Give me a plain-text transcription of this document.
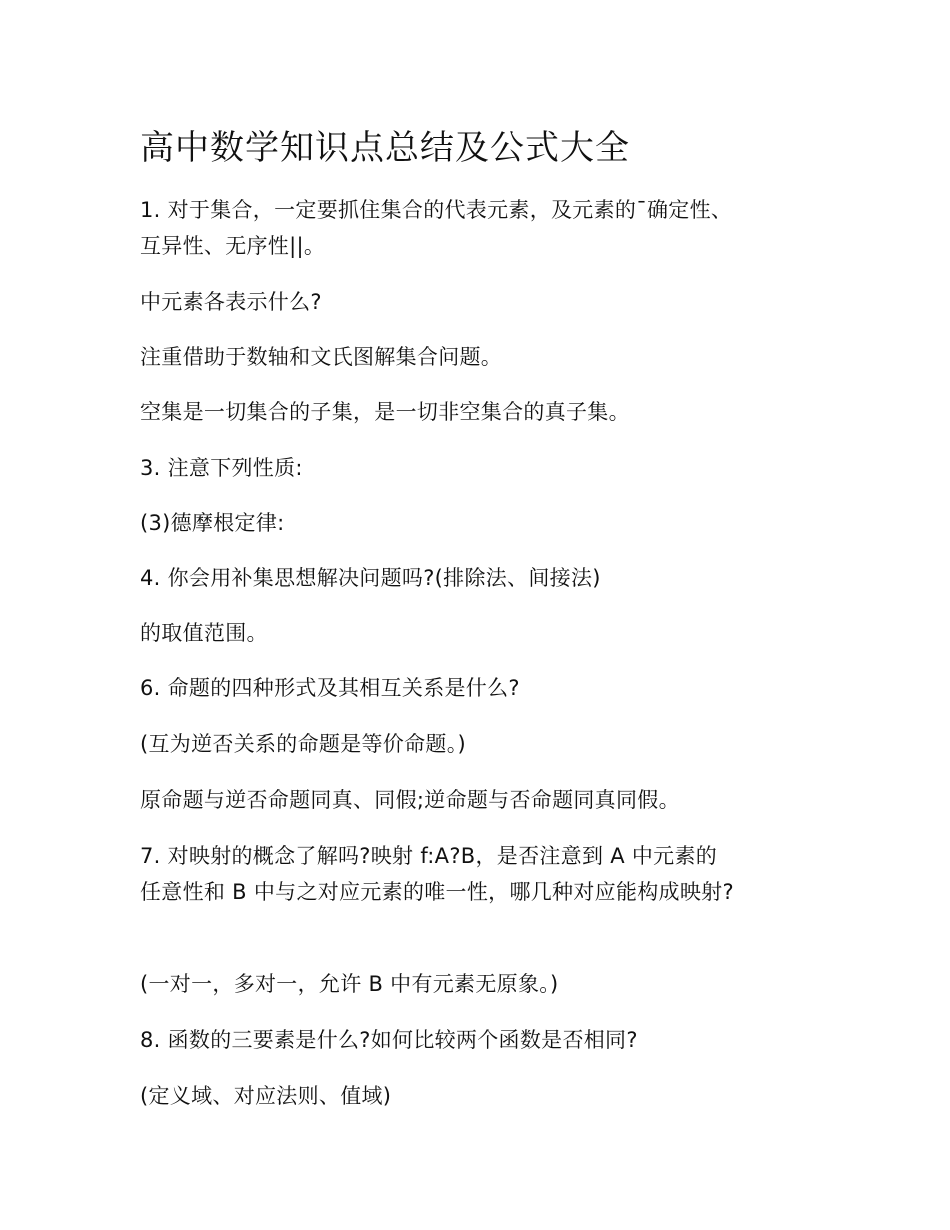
高中数学知识点总结及公式大全
1. 对于集合，一定要抓住集合的代表元素，及元素的¯确定性、
互异性、无序性||。
中元素各表示什么?
注重借助于数轴和文氏图解集合问题。
空集是一切集合的子集，是一切非空集合的真子集。
3. 注意下列性质:
(3)德摩根定律:
4. 你会用补集思想解决问题吗?(排除法、间接法)
的取值范围。
6. 命题的四种形式及其相互关系是什么?
(互为逆否关系的命题是等价命题。)
原命题与逆否命题同真、同假;逆命题与否命题同真同假。
7. 对映射的概念了解吗?映射 f:A?B，是否注意到 A 中元素的
任意性和 B 中与之对应元素的唯一性，哪几种对应能构成映射?
(一对一，多对一，允许 B 中有元素无原象。)
8. 函数的三要素是什么?如何比较两个函数是否相同?
(定义域、对应法则、值域)
